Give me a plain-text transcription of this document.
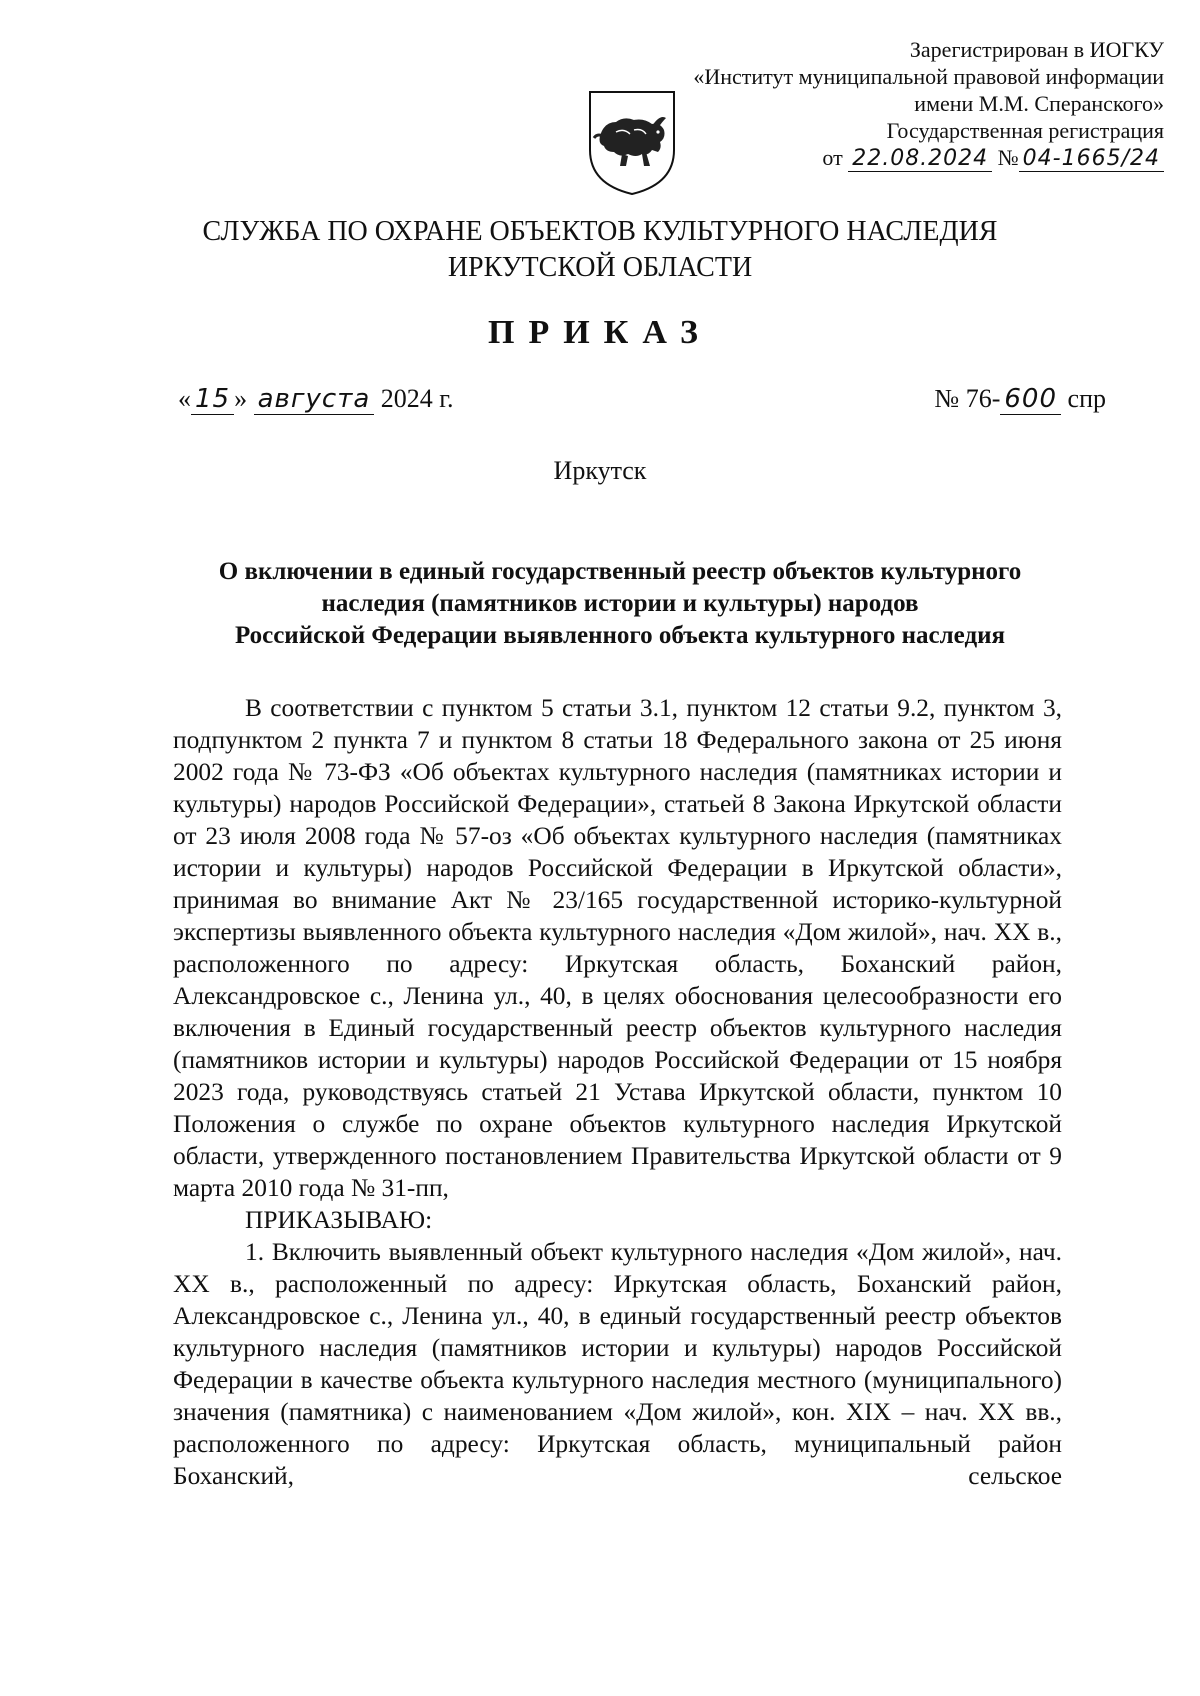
Зарегистрирован в ИОГКУ
«Институт муниципальной правовой информации
имени М.М. Сперанского»
Государственная регистрация
от 22.08.2024 № 04-1665/24
СЛУЖБА ПО ОХРАНЕ ОБЪЕКТОВ КУЛЬТУРНОГО НАСЛЕДИЯ
ИРКУТСКОЙ ОБЛАСТИ
ПРИКАЗ
« 15 » августа 2024 г.	№ 76- 600 спр
Иркутск
О включении в единый государственный реестр объектов культурного
наследия (памятников истории и культуры) народов
Российской Федерации выявленного объекта культурного наследия

В соответствии с пунктом 5 статьи 3.1, пунктом 12 статьи 9.2, пунктом 3, подпунктом 2 пункта 7 и пунктом 8 статьи 18 Федерального закона от 25 июня 2002 года № 73-ФЗ «Об объектах культурного наследия (памятниках истории и культуры) народов Российской Федерации», статьей 8 Закона Иркутской области от 23 июля 2008 года № 57-оз «Об объектах культурного наследия (памятниках истории и культуры) народов Российской Федерации в Иркутской области», принимая во внимание Акт № 23/165 государственной историко-культурной экспертизы выявленного объекта культурного наследия «Дом жилой», нач. XX в., расположенного по адресу: Иркутская область, Боханский район, Александровское с., Ленина ул., 40, в целях обоснования целесообразности его включения в Единый государственный реестр объектов культурного наследия (памятников истории и культуры) народов Российской Федерации от 15 ноября 2023 года, руководствуясь статьей 21 Устава Иркутской области, пунктом 10 Положения о службе по охране объектов культурного наследия Иркутской области, утвержденного постановлением Правительства Иркутской области от 9 марта 2010 года № 31-пп,

ПРИКАЗЫВАЮ:

1. Включить выявленный объект культурного наследия «Дом жилой», нач. XX в., расположенный по адресу: Иркутская область, Боханский район, Александровское с., Ленина ул., 40, в единый государственный реестр объектов культурного наследия (памятников истории и культуры) народов Российской Федерации в качестве объекта культурного наследия местного (муниципального) значения (памятника) с наименованием «Дом жилой», кон. XIX – нач. XX вв., расположенного по адресу: Иркутская область, муниципальный район Боханский, сельское
